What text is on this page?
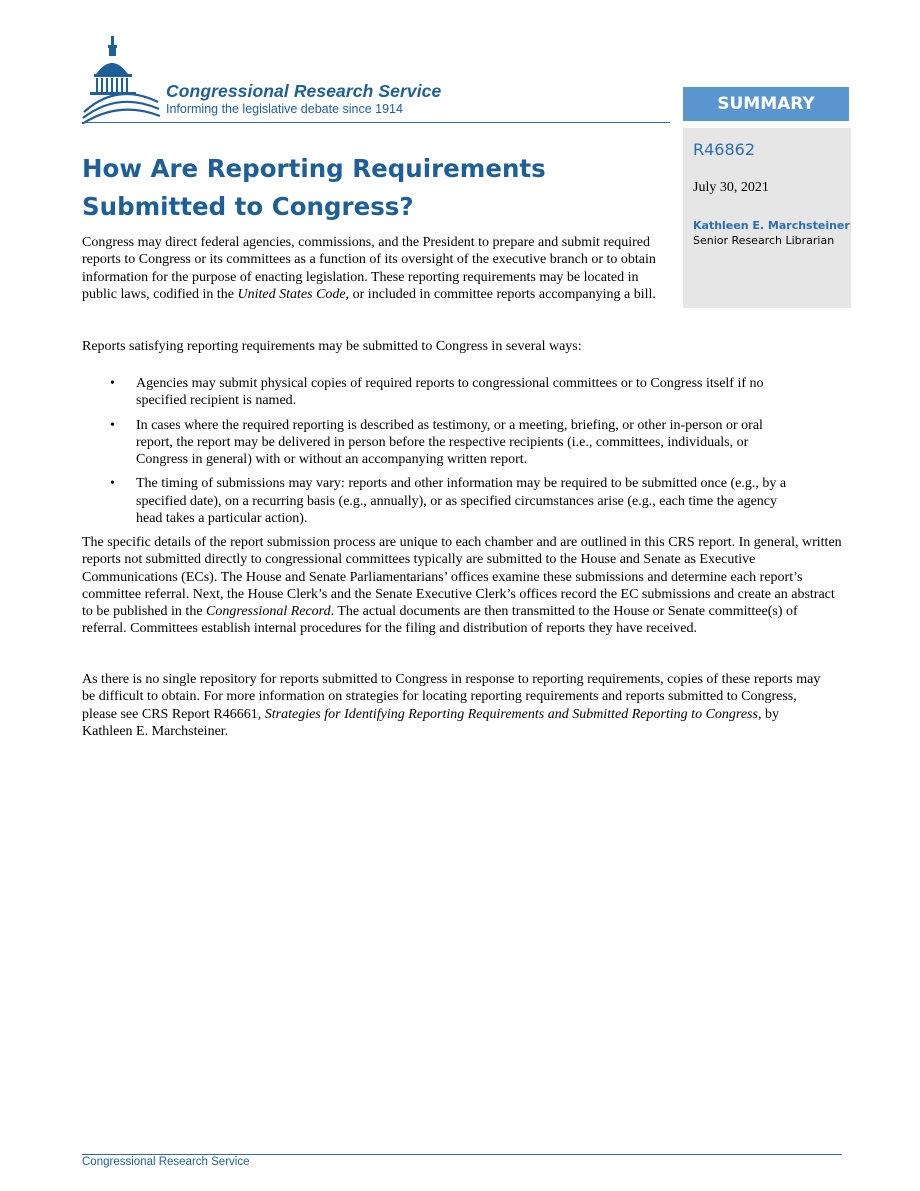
Congressional Research Service
Informing the legislative debate since 1914	SUMMARY
R46862
July 30, 2021
Kathleen E. Marchsteiner
Senior Research Librarian
How Are Reporting Requirements Submitted to Congress?

Congress may direct federal agencies, commissions, and the President to prepare and submit required reports to Congress or its committees as a function of its oversight of the executive branch or to obtain information for the purpose of enacting legislation. These reporting requirements may be located in public laws, codified in the United States Code, or included in committee reports accompanying a bill.

Reports satisfying reporting requirements may be submitted to Congress in several ways:

• Agencies may submit physical copies of required reports to congressional committees or to Congress itself if no specified recipient is named.
• In cases where the required reporting is described as testimony, or a meeting, briefing, or other in-person or oral report, the report may be delivered in person before the respective recipients (i.e., committees, individuals, or Congress in general) with or without an accompanying written report.
• The timing of submissions may vary: reports and other information may be required to be submitted once (e.g., by a specified date), on a recurring basis (e.g., annually), or as specified circumstances arise (e.g., each time the agency head takes a particular action).

The specific details of the report submission process are unique to each chamber and are outlined in this CRS report. In general, written reports not submitted directly to congressional committees typically are submitted to the House and Senate as Executive Communications (ECs). The House and Senate Parliamentarians’ offices examine these submissions and determine each report’s committee referral. Next, the House Clerk’s and the Senate Executive Clerk’s offices record the EC submissions and create an abstract to be published in the Congressional Record. The actual documents are then transmitted to the House or Senate committee(s) of referral. Committees establish internal procedures for the filing and distribution of reports they have received.

As there is no single repository for reports submitted to Congress in response to reporting requirements, copies of these reports may be difficult to obtain. For more information on strategies for locating reporting requirements and reports submitted to Congress, please see CRS Report R46661, Strategies for Identifying Reporting Requirements and Submitted Reporting to Congress, by Kathleen E. Marchsteiner.

Congressional Research Service
